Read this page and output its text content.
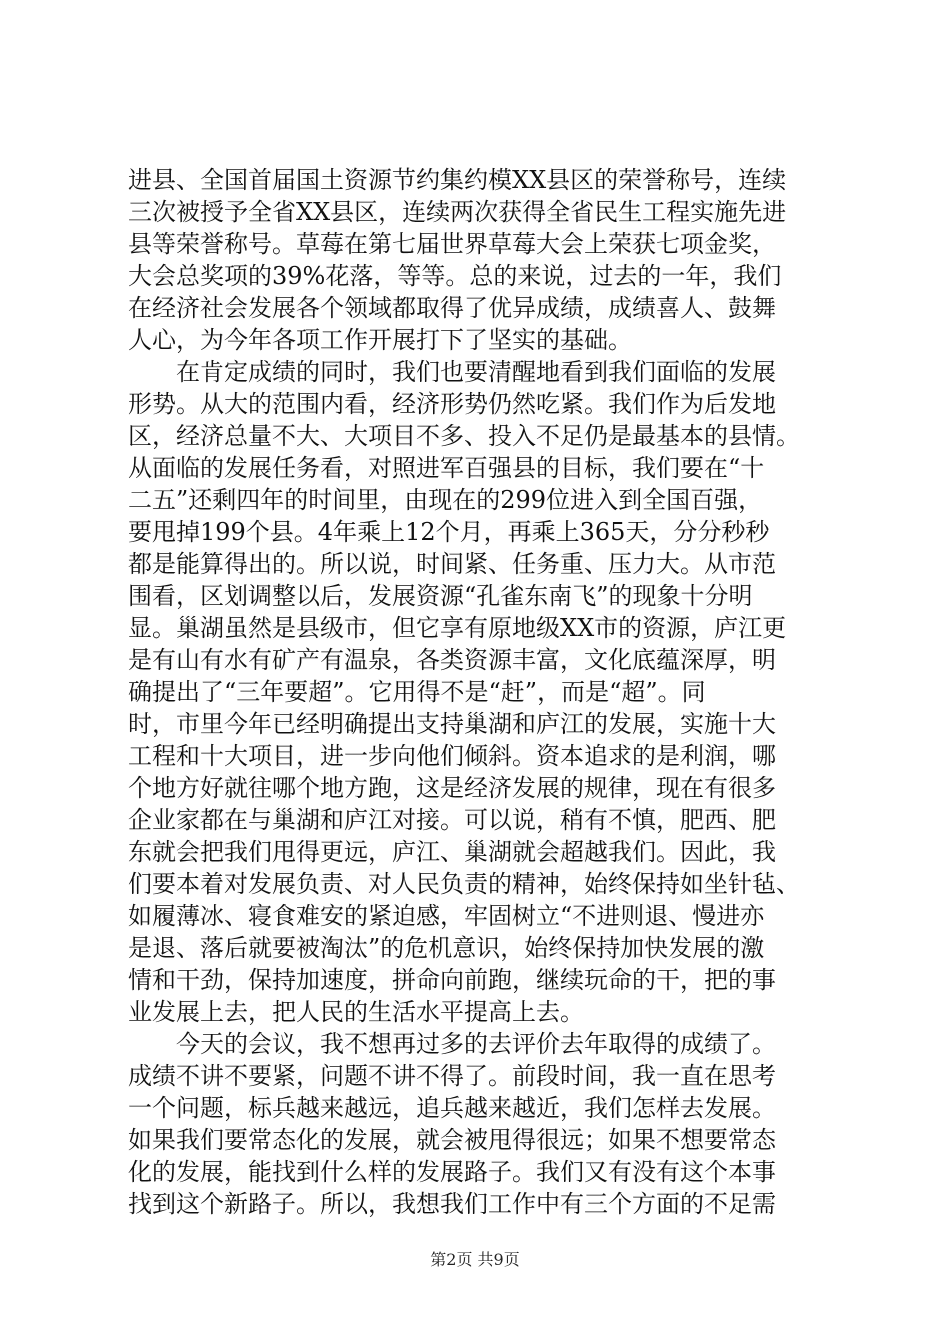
进县、全国首届国土资源节约集约模XX县区的荣誉称号，连续
三次被授予全省XX县区，连续两次获得全省民生工程实施先进
县等荣誉称号。草莓在第七届世界草莓大会上荣获七项金奖，
大会总奖项的39%花落，等等。总的来说，过去的一年，我们
在经济社会发展各个领域都取得了优异成绩，成绩喜人、鼓舞
人心，为今年各项工作开展打下了坚实的基础。
　　在肯定成绩的同时，我们也要清醒地看到我们面临的发展
形势。从大的范围内看，经济形势仍然吃紧。我们作为后发地
区，经济总量不大、大项目不多、投入不足仍是最基本的县情。
从面临的发展任务看，对照进军百强县的目标，我们要在“十
二五”还剩四年的时间里，由现在的299位进入到全国百强，
要甩掉199个县。4年乘上12个月，再乘上365天，分分秒秒
都是能算得出的。所以说，时间紧、任务重、压力大。从市范
围看，区划调整以后，发展资源“孔雀东南飞”的现象十分明
显。巢湖虽然是县级市，但它享有原地级XX市的资源，庐江更
是有山有水有矿产有温泉，各类资源丰富，文化底蕴深厚，明
确提出了“三年要超”。它用得不是“赶”，而是“超”。同
时，市里今年已经明确提出支持巢湖和庐江的发展，实施十大
工程和十大项目，进一步向他们倾斜。资本追求的是利润，哪
个地方好就往哪个地方跑，这是经济发展的规律，现在有很多
企业家都在与巢湖和庐江对接。可以说，稍有不慎，肥西、肥
东就会把我们甩得更远，庐江、巢湖就会超越我们。因此，我
们要本着对发展负责、对人民负责的精神，始终保持如坐针毡、
如履薄冰、寝食难安的紧迫感，牢固树立“不进则退、慢进亦
是退、落后就要被淘汰”的危机意识，始终保持加快发展的激
情和干劲，保持加速度，拼命向前跑，继续玩命的干，把的事
业发展上去，把人民的生活水平提高上去。
　　今天的会议，我不想再过多的去评价去年取得的成绩了。
成绩不讲不要紧，问题不讲不得了。前段时间，我一直在思考
一个问题，标兵越来越远，追兵越来越近，我们怎样去发展。
如果我们要常态化的发展，就会被甩得很远；如果不想要常态
化的发展，能找到什么样的发展路子。我们又有没有这个本事
找到这个新路子。所以，我想我们工作中有三个方面的不足需
第2页 共9页
